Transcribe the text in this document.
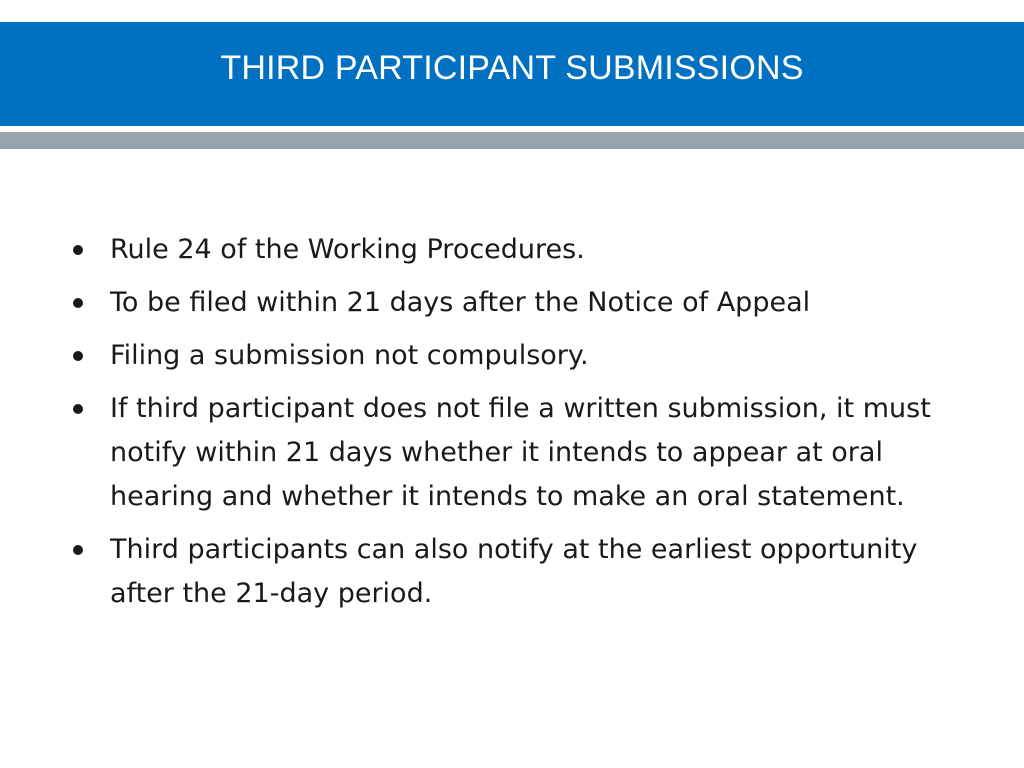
THIRD PARTICIPANT SUBMISSIONS
Rule 24 of the Working Procedures.
To be filed within 21 days after the Notice of Appeal
Filing a submission not compulsory.
If third participant does not file a written submission, it must notify within 21 days whether it intends to appear at oral hearing and whether it intends to make an oral statement.
Third participants can also notify at the earliest opportunity after the 21-day period.
